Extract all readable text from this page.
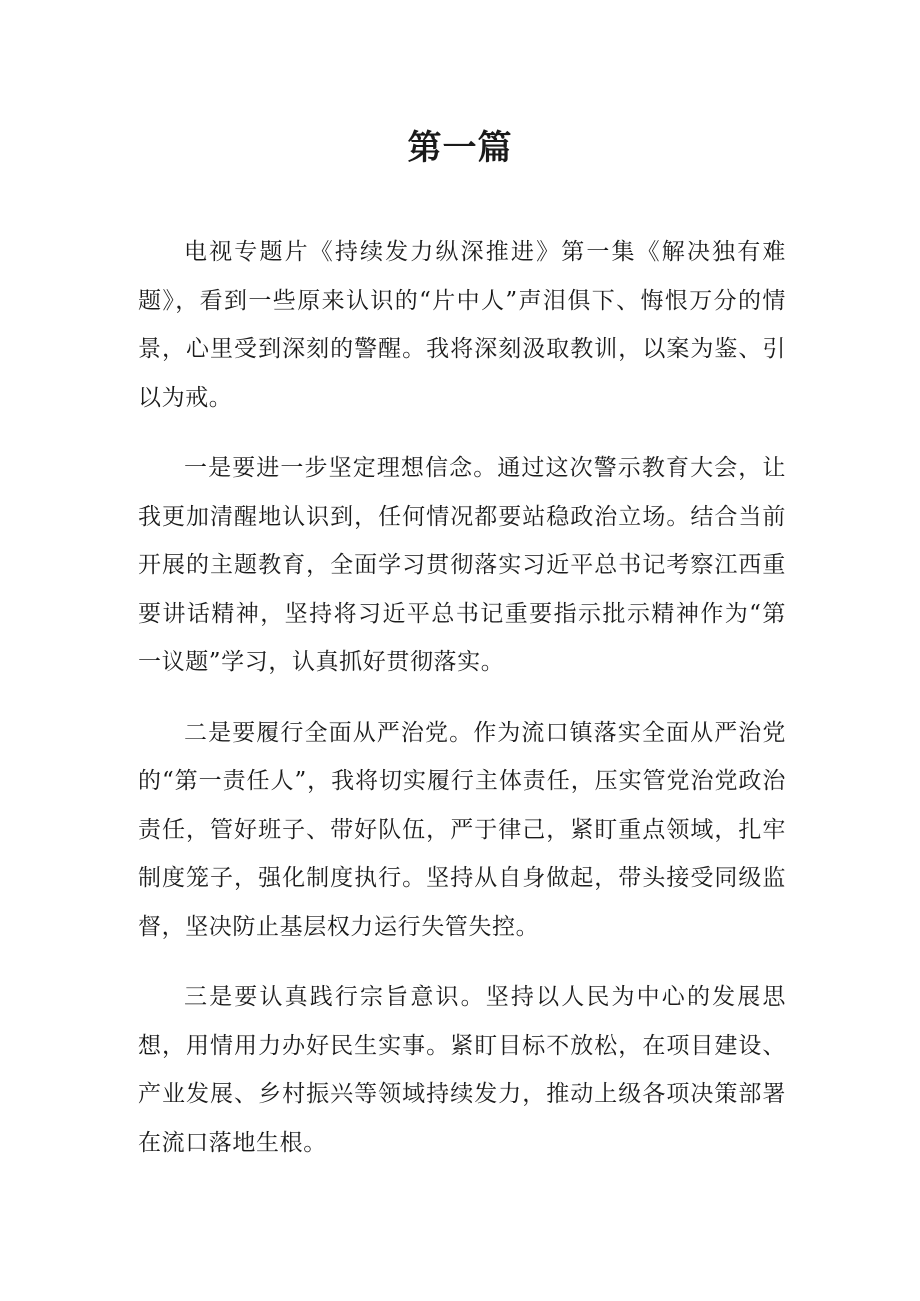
第一篇

电视专题片《持续发力纵深推进》第一集《解决独有难题》，看到一些原来认识的“片中人”声泪俱下、悔恨万分的情景，心里受到深刻的警醒。我将深刻汲取教训，以案为鉴、引以为戒。

一是要进一步坚定理想信念。通过这次警示教育大会，让我更加清醒地认识到，任何情况都要站稳政治立场。结合当前开展的主题教育，全面学习贯彻落实习近平总书记考察江西重要讲话精神，坚持将习近平总书记重要指示批示精神作为“第一议题”学习，认真抓好贯彻落实。

二是要履行全面从严治党。作为流口镇落实全面从严治党的“第一责任人”，我将切实履行主体责任，压实管党治党政治责任，管好班子、带好队伍，严于律己，紧盯重点领域，扎牢制度笼子，强化制度执行。坚持从自身做起，带头接受同级监督，坚决防止基层权力运行失管失控。

三是要认真践行宗旨意识。坚持以人民为中心的发展思想，用情用力办好民生实事。紧盯目标不放松，在项目建设、产业发展、乡村振兴等领域持续发力，推动上级各项决策部署在流口落地生根。
